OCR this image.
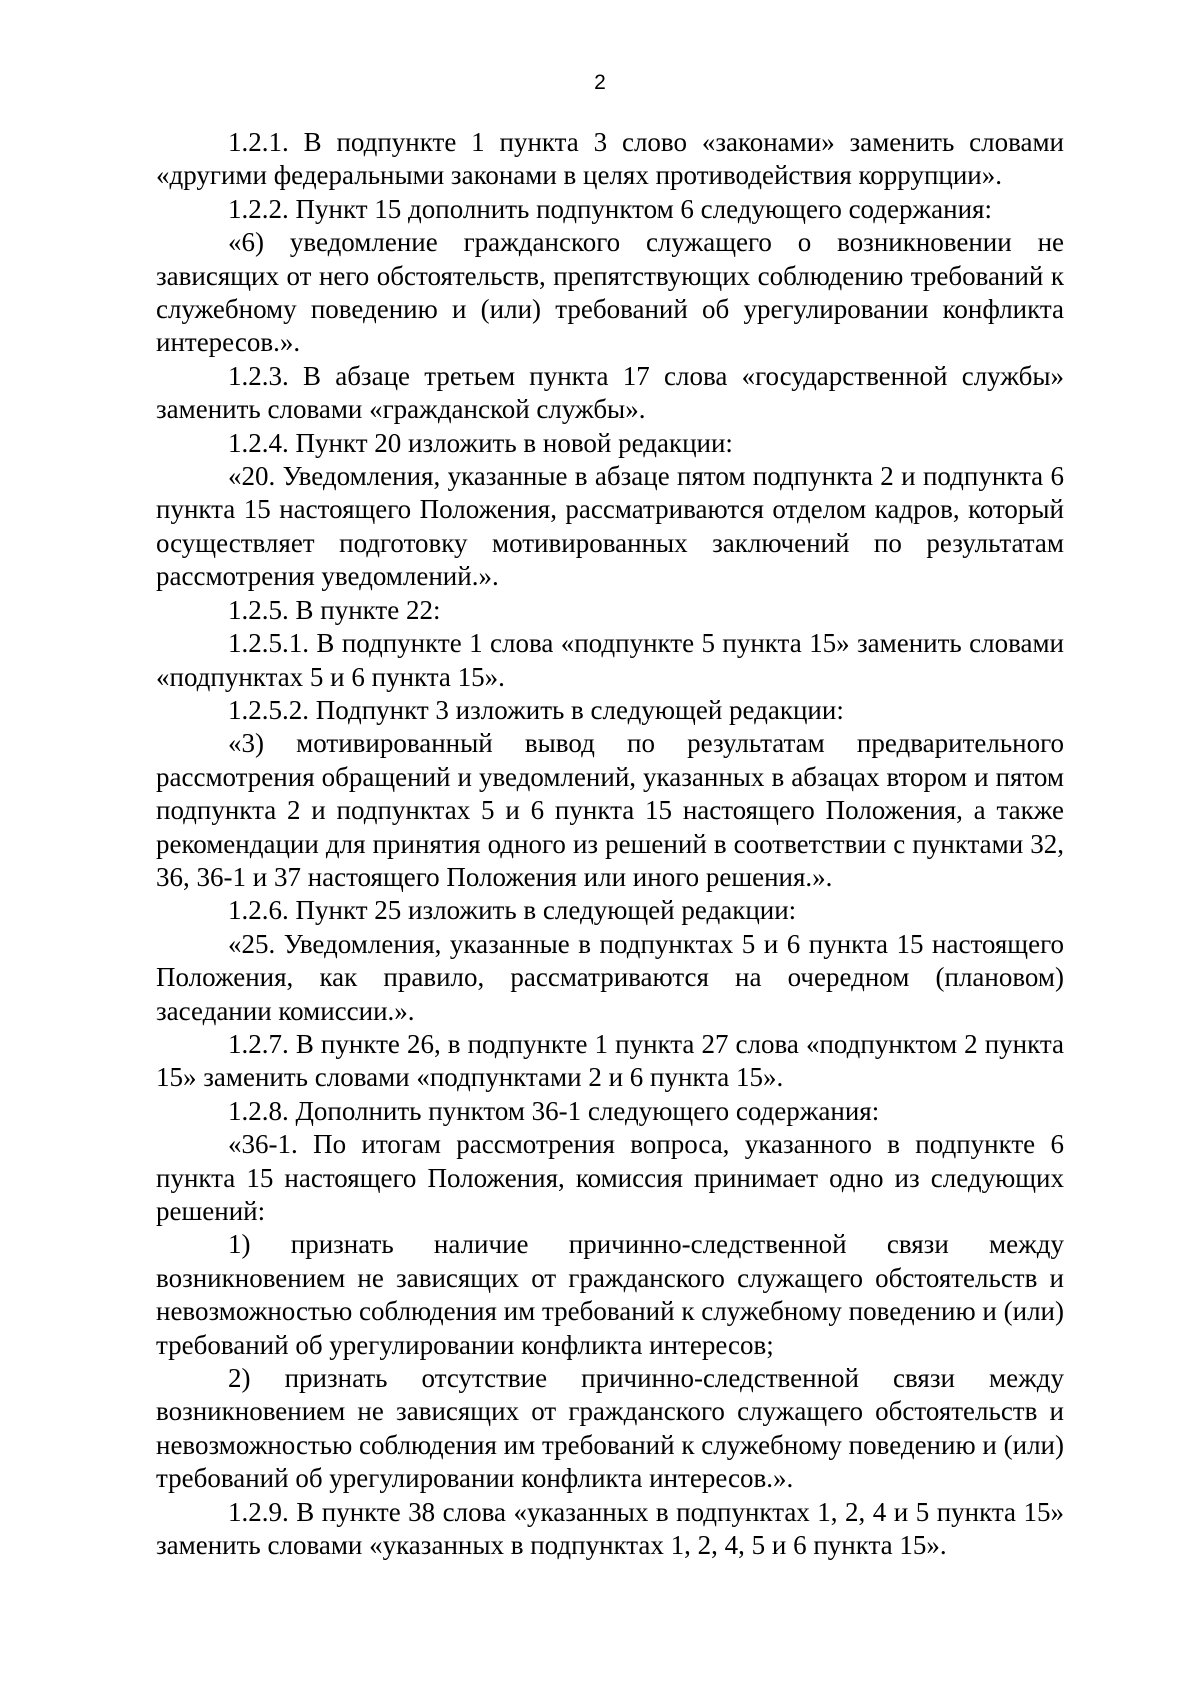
2

1.2.1. В подпункте 1 пункта 3 слово «законами» заменить словами «другими федеральными законами в целях противодействия коррупции».

1.2.2. Пункт 15 дополнить подпунктом 6 следующего содержания:

«6) уведомление гражданского служащего о возникновении не зависящих от него обстоятельств, препятствующих соблюдению требований к служебному поведению и (или) требований об урегулировании конфликта интересов.».

1.2.3. В абзаце третьем пункта 17 слова «государственной службы» заменить словами «гражданской службы».

1.2.4. Пункт 20 изложить в новой редакции:

«20. Уведомления, указанные в абзаце пятом подпункта 2 и подпункта 6 пункта 15 настоящего Положения, рассматриваются отделом кадров, который осуществляет подготовку мотивированных заключений по результатам рассмотрения уведомлений.».

1.2.5. В пункте 22:

1.2.5.1. В подпункте 1 слова «подпункте 5 пункта 15» заменить словами «подпунктах 5 и 6 пункта 15».

1.2.5.2. Подпункт 3 изложить в следующей редакции:

«3) мотивированный вывод по результатам предварительного рассмотрения обращений и уведомлений, указанных в абзацах втором и пятом подпункта 2 и подпунктах 5 и 6 пункта 15 настоящего Положения, а также рекомендации для принятия одного из решений в соответствии с пунктами 32, 36, 36-1 и 37 настоящего Положения или иного решения.».

1.2.6. Пункт 25 изложить в следующей редакции:

«25. Уведомления, указанные в подпунктах 5 и 6 пункта 15 настоящего Положения, как правило, рассматриваются на очередном (плановом) заседании комиссии.».

1.2.7. В пункте 26, в подпункте 1 пункта 27 слова «подпунктом 2 пункта 15» заменить словами «подпунктами 2 и 6 пункта 15».

1.2.8. Дополнить пунктом 36-1 следующего содержания:

«36-1. По итогам рассмотрения вопроса, указанного в подпункте 6 пункта 15 настоящего Положения, комиссия принимает одно из следующих решений:

1) признать наличие причинно-следственной связи между возникновением не зависящих от гражданского служащего обстоятельств и невозможностью соблюдения им требований к служебному поведению и (или) требований об урегулировании конфликта интересов;

2) признать отсутствие причинно-следственной связи между возникновением не зависящих от гражданского служащего обстоятельств и невозможностью соблюдения им требований к служебному поведению и (или) требований об урегулировании конфликта интересов.».

1.2.9. В пункте 38 слова «указанных в подпунктах 1, 2, 4 и 5 пункта 15» заменить словами «указанных в подпунктах 1, 2, 4, 5 и 6 пункта 15».
